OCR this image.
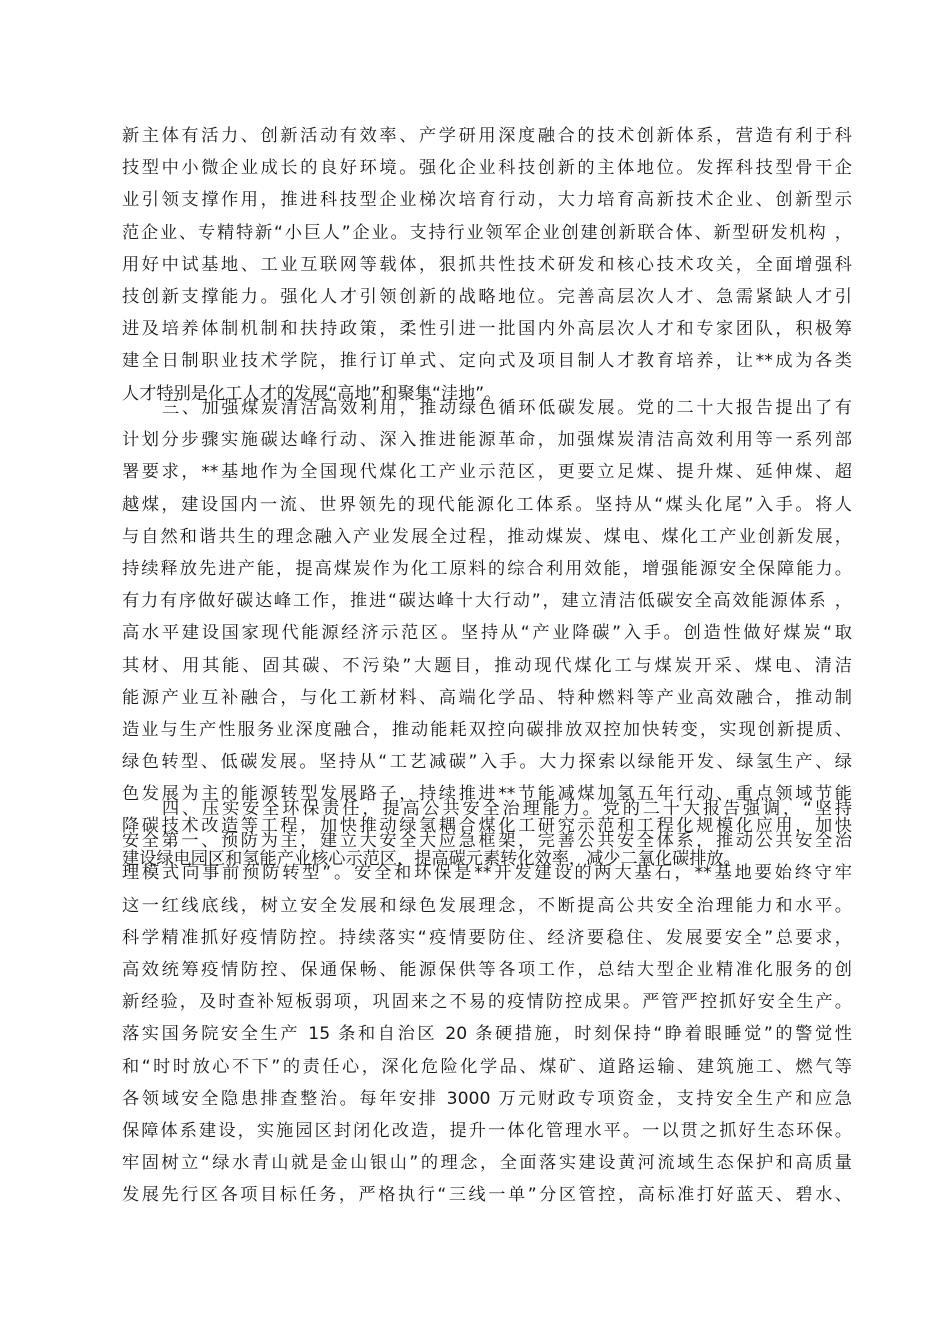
新主体有活力、创新活动有效率、产学研用深度融合的技术创新体系，营造有利于科
技型中小微企业成长的良好环境。强化企业科技创新的主体地位。发挥科技型骨干企
业引领支撑作用，推进科技型企业梯次培育行动，大力培育高新技术企业、创新型示
范企业、专精特新“小巨人”企业。支持行业领军企业创建创新联合体、新型研发机构 ，
用好中试基地、工业互联网等载体，狠抓共性技术研发和核心技术攻关，全面增强科
技创新支撑能力。强化人才引领创新的战略地位。完善高层次人才、急需紧缺人才引
进及培养体制机制和扶持政策，柔性引进一批国内外高层次人才和专家团队，积极筹
建全日制职业技术学院，推行订单式、定向式及项目制人才教育培养，让**成为各类
人才特别是化工人才的发展“高地”和聚集“洼地”。
三、加强煤炭清洁高效利用，推动绿色循环低碳发展。党的二十大报告提出了有
计划分步骤实施碳达峰行动、深入推进能源革命，加强煤炭清洁高效利用等一系列部
署要求，**基地作为全国现代煤化工产业示范区，更要立足煤、提升煤、延伸煤、超
越煤，建设国内一流、世界领先的现代能源化工体系。坚持从“煤头化尾”入手。将人
与自然和谐共生的理念融入产业发展全过程，推动煤炭、煤电、煤化工产业创新发展，
持续释放先进产能，提高煤炭作为化工原料的综合利用效能，增强能源安全保障能力。
有力有序做好碳达峰工作，推进“碳达峰十大行动”，建立清洁低碳安全高效能源体系 ，
高水平建设国家现代能源经济示范区。坚持从“产业降碳”入手。创造性做好煤炭“取
其材、用其能、固其碳、不污染”大题目，推动现代煤化工与煤炭开采、煤电、清洁
能源产业互补融合，与化工新材料、高端化学品、特种燃料等产业高效融合，推动制
造业与生产性服务业深度融合，推动能耗双控向碳排放双控加快转变，实现创新提质、
绿色转型、低碳发展。坚持从“工艺减碳”入手。大力探索以绿能开发、绿氢生产、绿
色发展为主的能源转型发展路子，持续推进**节能减煤加氢五年行动、重点领域节能
降碳技术改造等工程，加快推动绿氢耦合煤化工研究示范和工程化规模化应用，加快
建设绿电园区和氢能产业核心示范区，提高碳元素转化效率，减少二氧化碳排放。
四、压实安全环保责任，提高公共安全治理能力。党的二十大报告强调，“坚持
安全第一、预防为主，建立大安全大应急框架，完善公共安全体系，推动公共安全治
理模式向事前预防转型”。安全和环保是**开发建设的两大基石，**基地要始终守牢
这一红线底线，树立安全发展和绿色发展理念，不断提高公共安全治理能力和水平。
科学精准抓好疫情防控。持续落实“疫情要防住、经济要稳住、发展要安全”总要求，
高效统筹疫情防控、保通保畅、能源保供等各项工作，总结大型企业精准化服务的创
新经验，及时查补短板弱项，巩固来之不易的疫情防控成果。严管严控抓好安全生产。
落实国务院安全生产 15 条和自治区 20 条硬措施，时刻保持“睁着眼睡觉”的警觉性
和“时时放心不下”的责任心，深化危险化学品、煤矿、道路运输、建筑施工、燃气等
各领域安全隐患排查整治。每年安排 3000 万元财政专项资金，支持安全生产和应急
保障体系建设，实施园区封闭化改造，提升一体化管理水平。一以贯之抓好生态环保。
牢固树立“绿水青山就是金山银山”的理念，全面落实建设黄河流域生态保护和高质量
发展先行区各项目标任务，严格执行“三线一单”分区管控，高标准打好蓝天、碧水、
